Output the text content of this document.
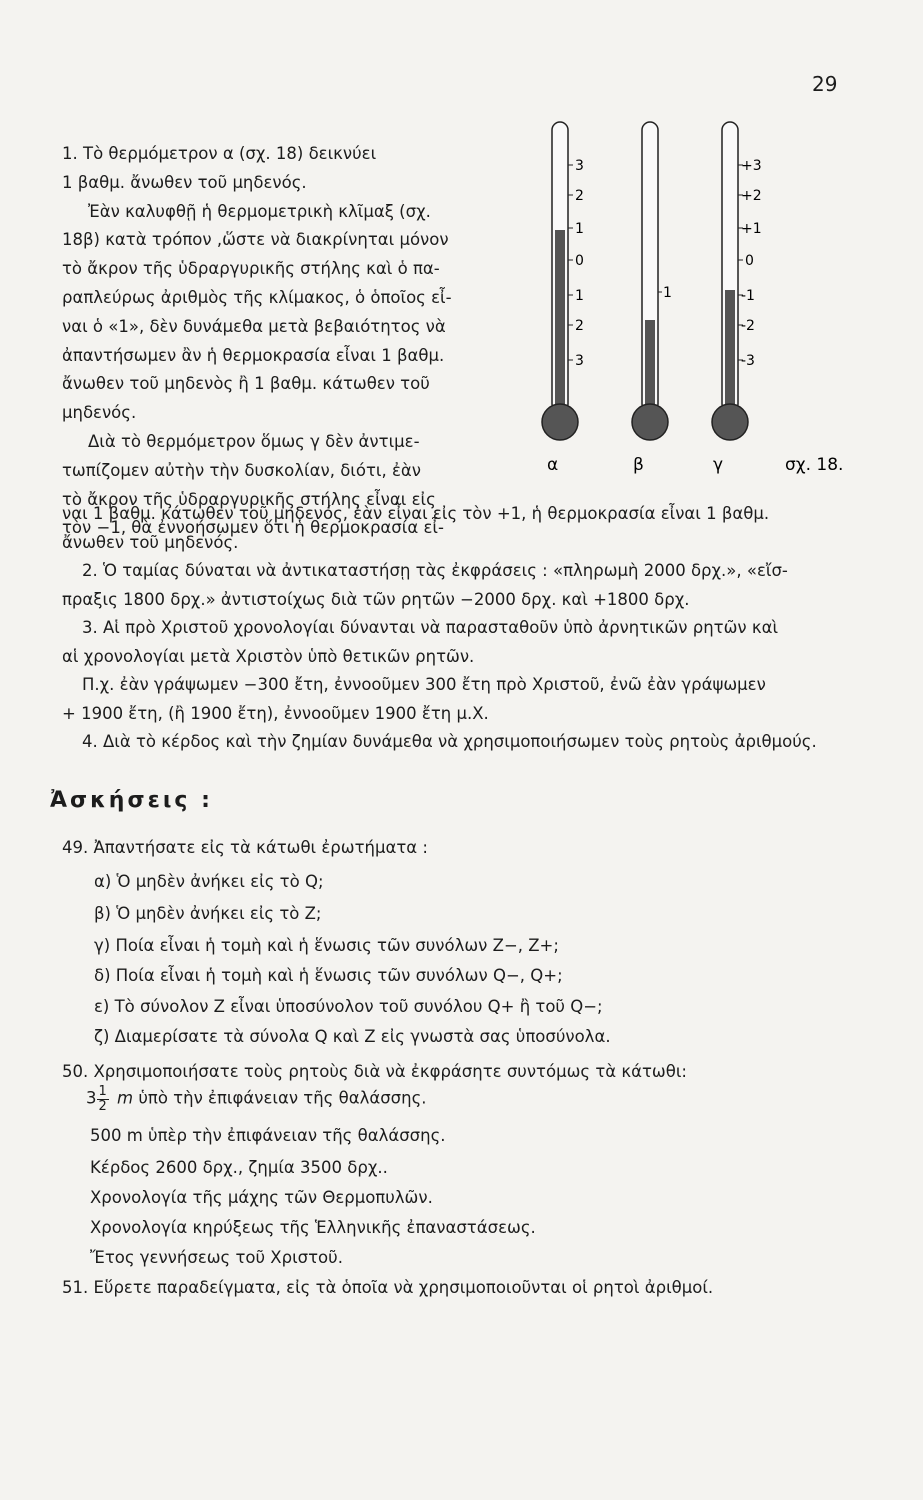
29

1. Τὸ θερμόμετρον α (σχ. 18) δεικνύει

1 βαθμ. ἄνωθεν τοῦ μηδενός.

Ἐὰν καλυφθῇ ἡ θερμομετρικὴ κλῖμαξ (σχ.

18β) κατὰ τρόπον ,ὥστε νὰ διακρίνηται μόνον

τὸ ἄκρον τῆς ὑδραργυρικῆς στήλης καὶ ὁ πα-

ραπλεύρως ἀριθμὸς τῆς κλίμακος, ὁ ὁποῖος εἶ-

ναι ὁ «1», δὲν δυνάμεθα μετὰ βεβαιότητος νὰ

ἀπαντήσωμεν ἂν ἡ θερμοκρασία εἶναι 1 βαθμ.

ἄνωθεν τοῦ μηδενὸς ἢ 1 βαθμ. κάτωθεν τοῦ

μηδενός.

Διὰ τὸ θερμόμετρον ὅμως γ δὲν ἀντιμε-

τωπίζομεν αὐτὴν τὴν δυσκολίαν, διότι, ἐὰν

τὸ ἄκρον τῆς ὑδραργυρικῆς στήλης εἶναι εἰς

τὸν −1, θὰ ἐννοήσωμεν ὅτι ἡ θερμοκρασία εἶ-

ναι 1 βαθμ. κάτωθεν τοῦ μηδενός, ἐὰν εἶναι εἰς τὸν +1, ἡ θερμοκρασία εἶναι 1 βαθμ.

ἄνωθεν τοῦ μηδενός.

2. Ὁ ταμίας δύναται νὰ ἀντικαταστήσῃ τὰς ἐκφράσεις : «πληρωμὴ 2000 δρχ.», «εἴσ-

πραξις 1800 δρχ.» ἀντιστοίχως διὰ τῶν ρητῶν −2000 δρχ. καὶ +1800 δρχ.

3. Αἱ πρὸ Χριστοῦ χρονολογίαι δύνανται νὰ παρασταθοῦν ὑπὸ ἀρνητικῶν ρητῶν καὶ

αἱ χρονολογίαι μετὰ Χριστὸν ὑπὸ θετικῶν ρητῶν.

Π.χ. ἐὰν γράψωμεν −300 ἔτη, ἐννοοῦμεν 300 ἔτη πρὸ Χριστοῦ, ἐνῶ ἐὰν γράψωμεν

+ 1900 ἔτη, (ἢ 1900 ἔτη), ἐννοοῦμεν 1900 ἔτη μ.Χ.

4. Διὰ τὸ κέρδος καὶ τὴν ζημίαν δυνάμεθα νὰ χρησιμοποιήσωμεν τοὺς ρητοὺς ἀριθμούς.

3
2
1
0
1
2
3
1
+3
+2
+1
0
-1
-2
-3
α	β	γ	σχ. 18.
Ἀσκήσεις :
49. Ἀπαντήσατε εἰς τὰ κάτωθι ἐρωτήματα :
α) Ὁ μηδὲν ἀνήκει εἰς τὸ Q;
β) Ὁ μηδὲν ἀνήκει εἰς τὸ Z;
γ) Ποία εἶναι ἡ τομὴ καὶ ἡ ἕνωσις τῶν συνόλων Z−, Z+;
δ) Ποία εἶναι ἡ τομὴ καὶ ἡ ἕνωσις τῶν συνόλων Q−, Q+;
ε) Τὸ σύνολον Z εἶναι ὑποσύνολον τοῦ συνόλου Q+ ἢ τοῦ Q−;
ζ) Διαμερίσατε τὰ σύνολα Q καὶ Z εἰς γνωστὰ σας ὑποσύνολα.
50. Χρησιμοποιήσατε τοὺς ρητοὺς διὰ νὰ ἐκφράσητε συντόμως τὰ κάτωθι:
$3 \frac{1}{2}$ m ὑπὸ τὴν ἐπιφάνειαν τῆς θαλάσσης.
500 m ὑπὲρ τὴν ἐπιφάνειαν τῆς θαλάσσης.
Κέρδος 2600 δρχ., ζημία 3500 δρχ..
Χρονολογία τῆς μάχης τῶν Θερμοπυλῶν.
Χρονολογία κηρύξεως τῆς Ἑλληνικῆς ἐπαναστάσεως.
Ἔτος γεννήσεως τοῦ Χριστοῦ.
51. Εὕρετε παραδείγματα, εἰς τὰ ὁποῖα νὰ χρησιμοποιοῦνται οἱ ρητοὶ ἀριθμοί.
